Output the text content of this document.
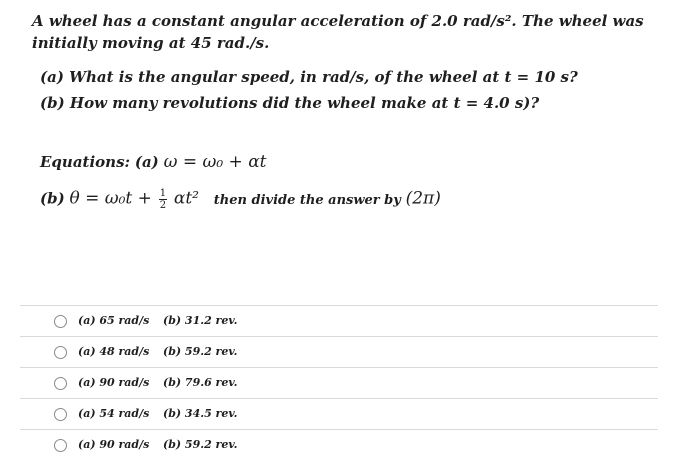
A wheel has a constant angular acceleration of 2.0 rad/s². The wheel was initially moving at 45 rad./s.
(a) What is the angular speed, in rad/s, of the wheel at t = 10 s?
(b) How many revolutions did the wheel make at t = 4.0 s)?
Equations: (a) ω = ω₀ + αt
(b) $\theta = \omega_0t + \frac{1}{2} \alpha t^2$ then divide the answer by (2π)
(a) 65 rad/s (b) 31.2 rev.
(a) 48 rad/s (b) 59.2 rev.
(a) 90 rad/s (b) 79.6 rev.
(a) 54 rad/s (b) 34.5 rev.
(a) 90 rad/s (b) 59.2 rev.
